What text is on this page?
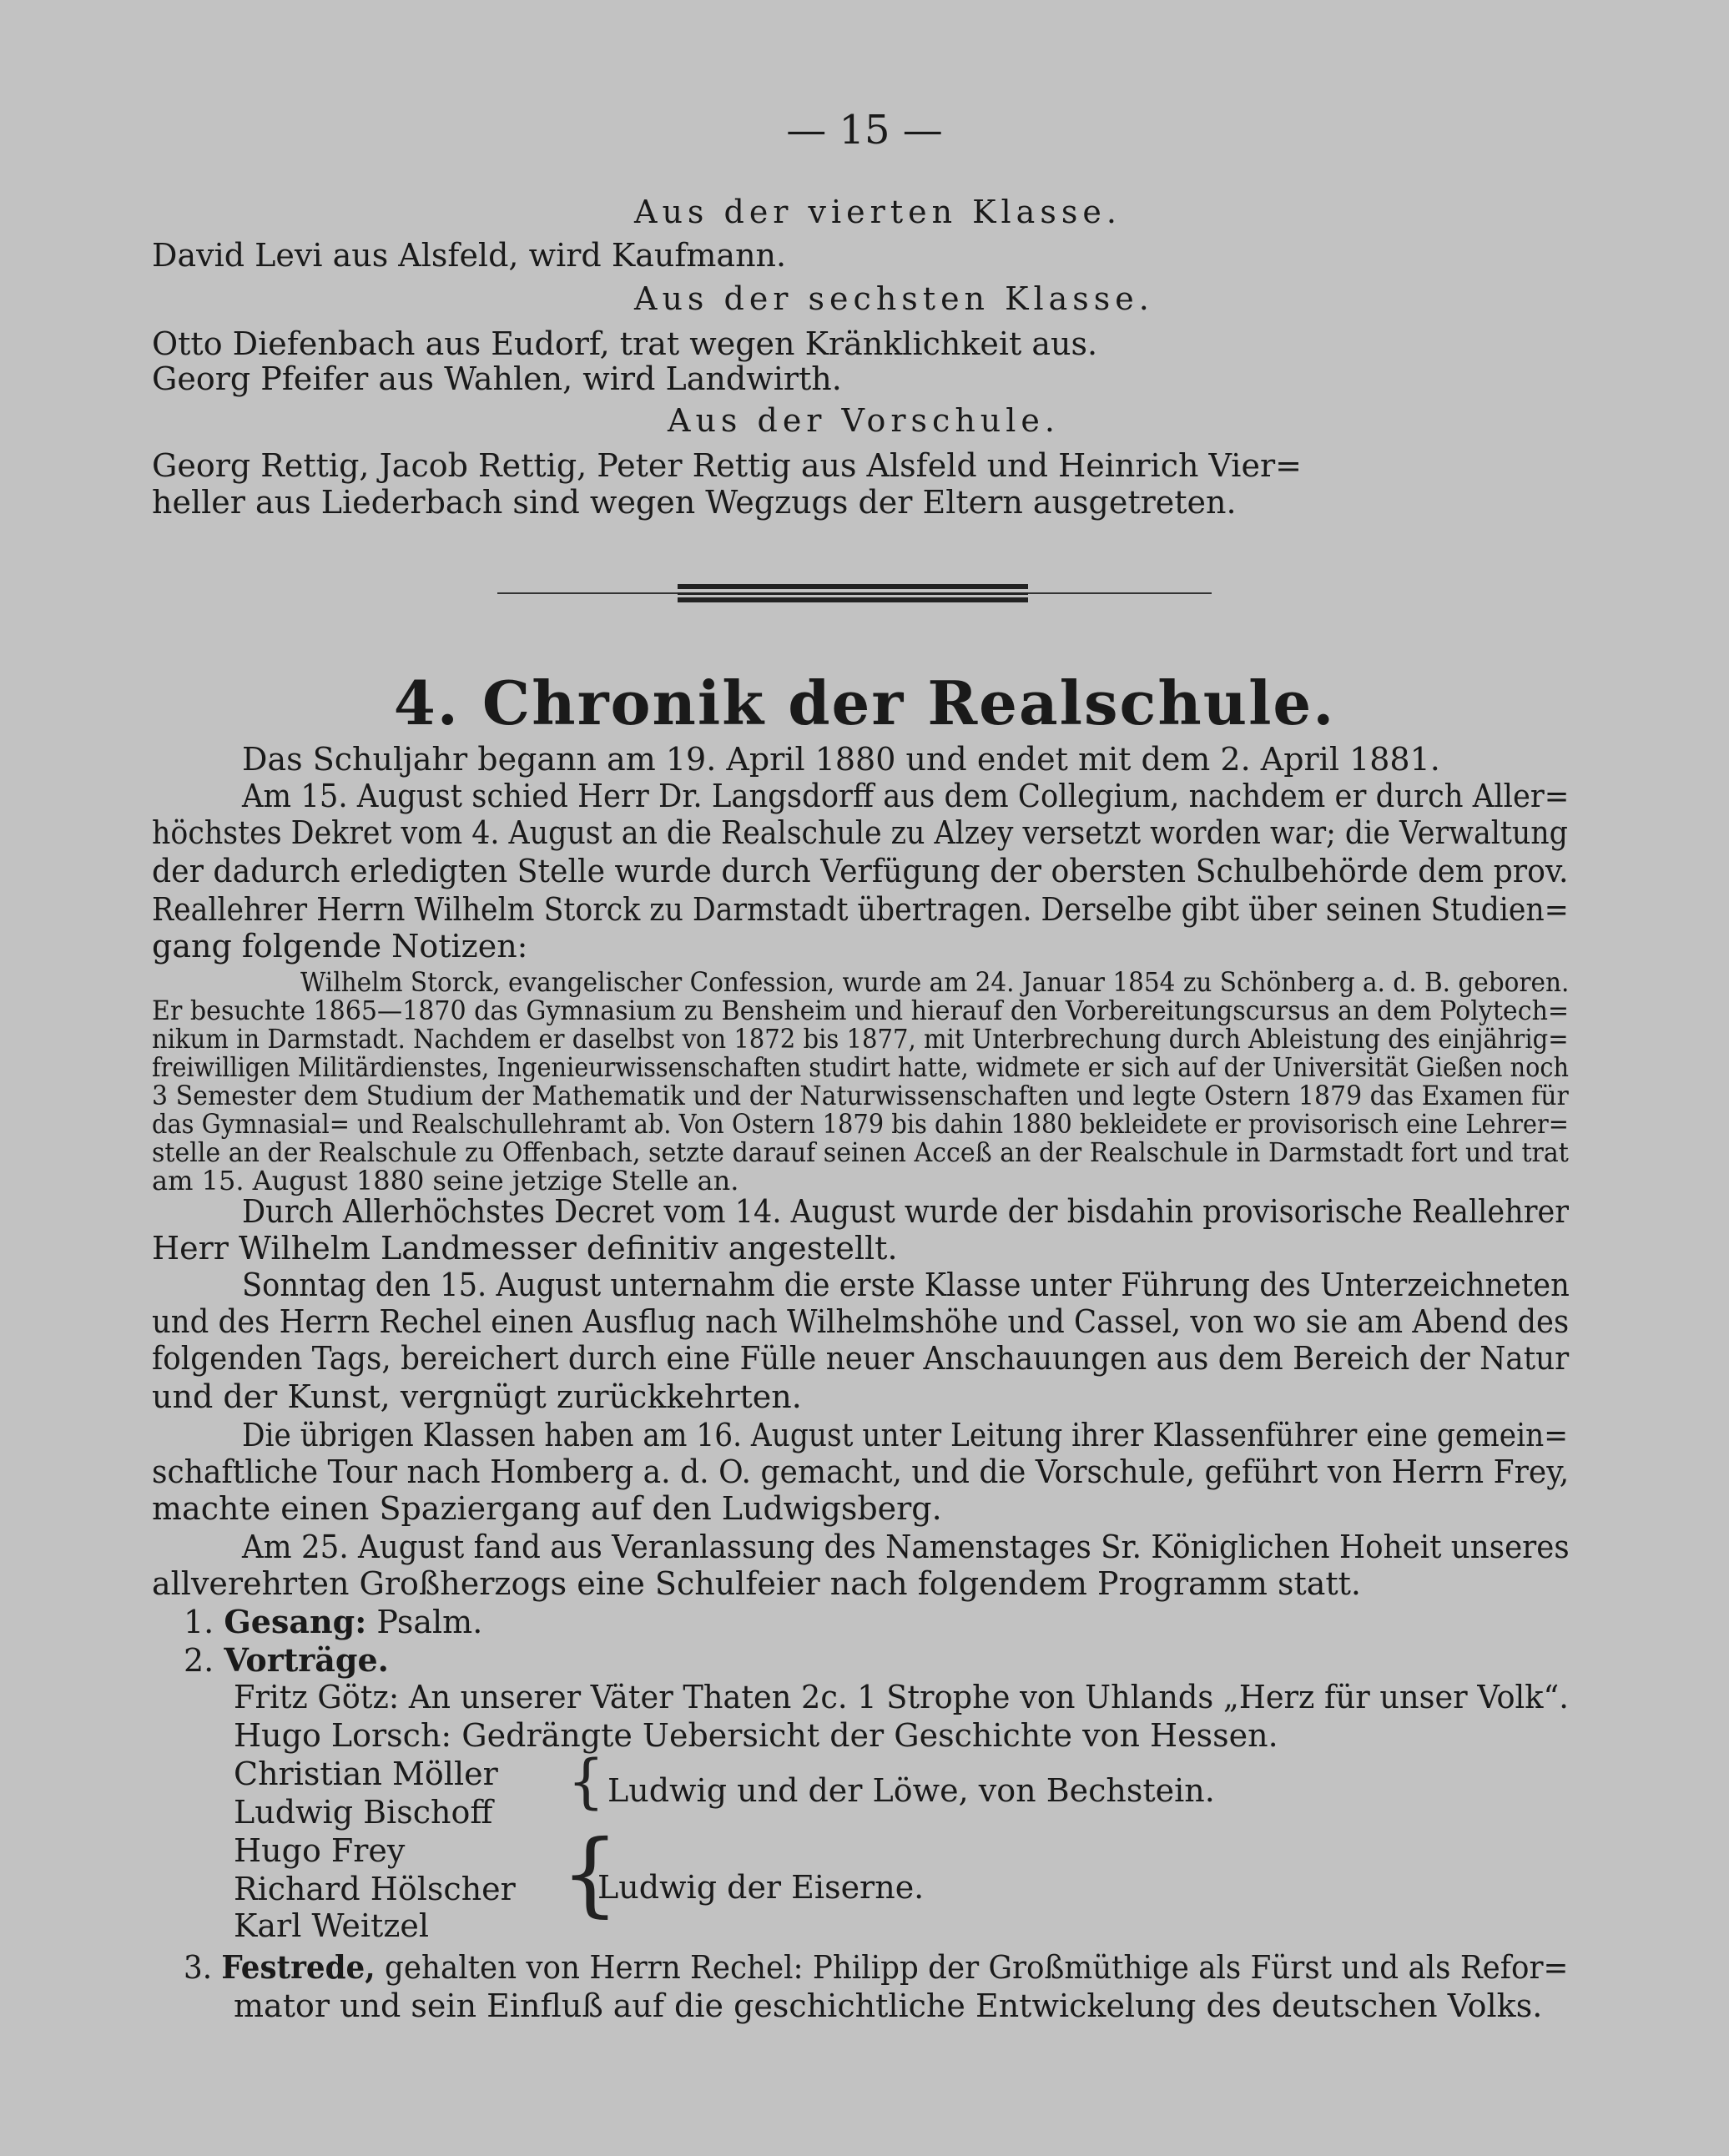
— 15 —
Aus der vierten Klasse.
David Levi aus Alsfeld, wird Kaufmann.
Aus der sechsten Klasse.
Otto Diefenbach aus Eudorf, trat wegen Kränklichkeit aus.
Georg Pfeifer aus Wahlen, wird Landwirth.
Aus der Vorschule.
Georg Rettig, Jacob Rettig, Peter Rettig aus Alsfeld und Heinrich Vier=
heller aus Liederbach sind wegen Wegzugs der Eltern ausgetreten.
4. Chronik der Realschule.
Das Schuljahr begann am 19. April 1880 und endet mit dem 2. April 1881.
Am 15. August schied Herr Dr. Langsdorff aus dem Collegium, nachdem er durch Aller=
höchstes Dekret vom 4. August an die Realschule zu Alzey versetzt worden war; die Verwaltung
der dadurch erledigten Stelle wurde durch Verfügung der obersten Schulbehörde dem prov.
Reallehrer Herrn Wilhelm Storck zu Darmstadt übertragen. Derselbe gibt über seinen Studien=
gang folgende Notizen:
Wilhelm Storck, evangelischer Confession, wurde am 24. Januar 1854 zu Schönberg a. d. B. geboren.
Er besuchte 1865—1870 das Gymnasium zu Bensheim und hierauf den Vorbereitungscursus an dem Polytech=
nikum in Darmstadt. Nachdem er daselbst von 1872 bis 1877, mit Unterbrechung durch Ableistung des einjährig=
freiwilligen Militärdienstes, Ingenieurwissenschaften studirt hatte, widmete er sich auf der Universität Gießen noch
3 Semester dem Studium der Mathematik und der Naturwissenschaften und legte Ostern 1879 das Examen für
das Gymnasial= und Realschullehramt ab. Von Ostern 1879 bis dahin 1880 bekleidete er provisorisch eine Lehrer=
stelle an der Realschule zu Offenbach, setzte darauf seinen Accеß an der Realschule in Darmstadt fort und trat
am 15. August 1880 seine jetzige Stelle an.
Durch Allerhöchstes Decret vom 14. August wurde der bisdahin provisorische Reallehrer
Herr Wilhelm Landmesser definitiv angestellt.
Sonntag den 15. August unternahm die erste Klasse unter Führung des Unterzeichneten
und des Herrn Rechel einen Ausflug nach Wilhelmshöhe und Cassel, von wo sie am Abend des
folgenden Tags, bereichert durch eine Fülle neuer Anschauungen aus dem Bereich der Natur
und der Kunst, vergnügt zurückkehrten.
Die übrigen Klassen haben am 16. August unter Leitung ihrer Klassenführer eine gemein=
schaftliche Tour nach Homberg a. d. O. gemacht, und die Vorschule, geführt von Herrn Frey,
machte einen Spaziergang auf den Ludwigsberg.
Am 25. August fand aus Veranlassung des Namenstages Sr. Königlichen Hoheit unseres
allverehrten Großherzogs eine Schulfeier nach folgendem Programm statt.
1. Gesang: Psalm.
2. Vorträge.
Fritz Götz: An unserer Väter Thaten 2c. 1 Strophe von Uhlands „Herz für unser Volk“.
Hugo Lorsch: Gedrängte Uebersicht der Geschichte von Hessen.
Christian Möller
Ludwig Bischoff { Ludwig und der Löwe, von Bechstein.
Hugo Frey
Richard Hölscher
Karl Weitzel {
Ludwig der Eiserne.
3. Festrede, gehalten von Herrn Rechel: Philipp der Großmüthige als Fürst und als Refor=
mator und sein Einfluß auf die geschichtliche Entwickelung des deutschen Volks.
